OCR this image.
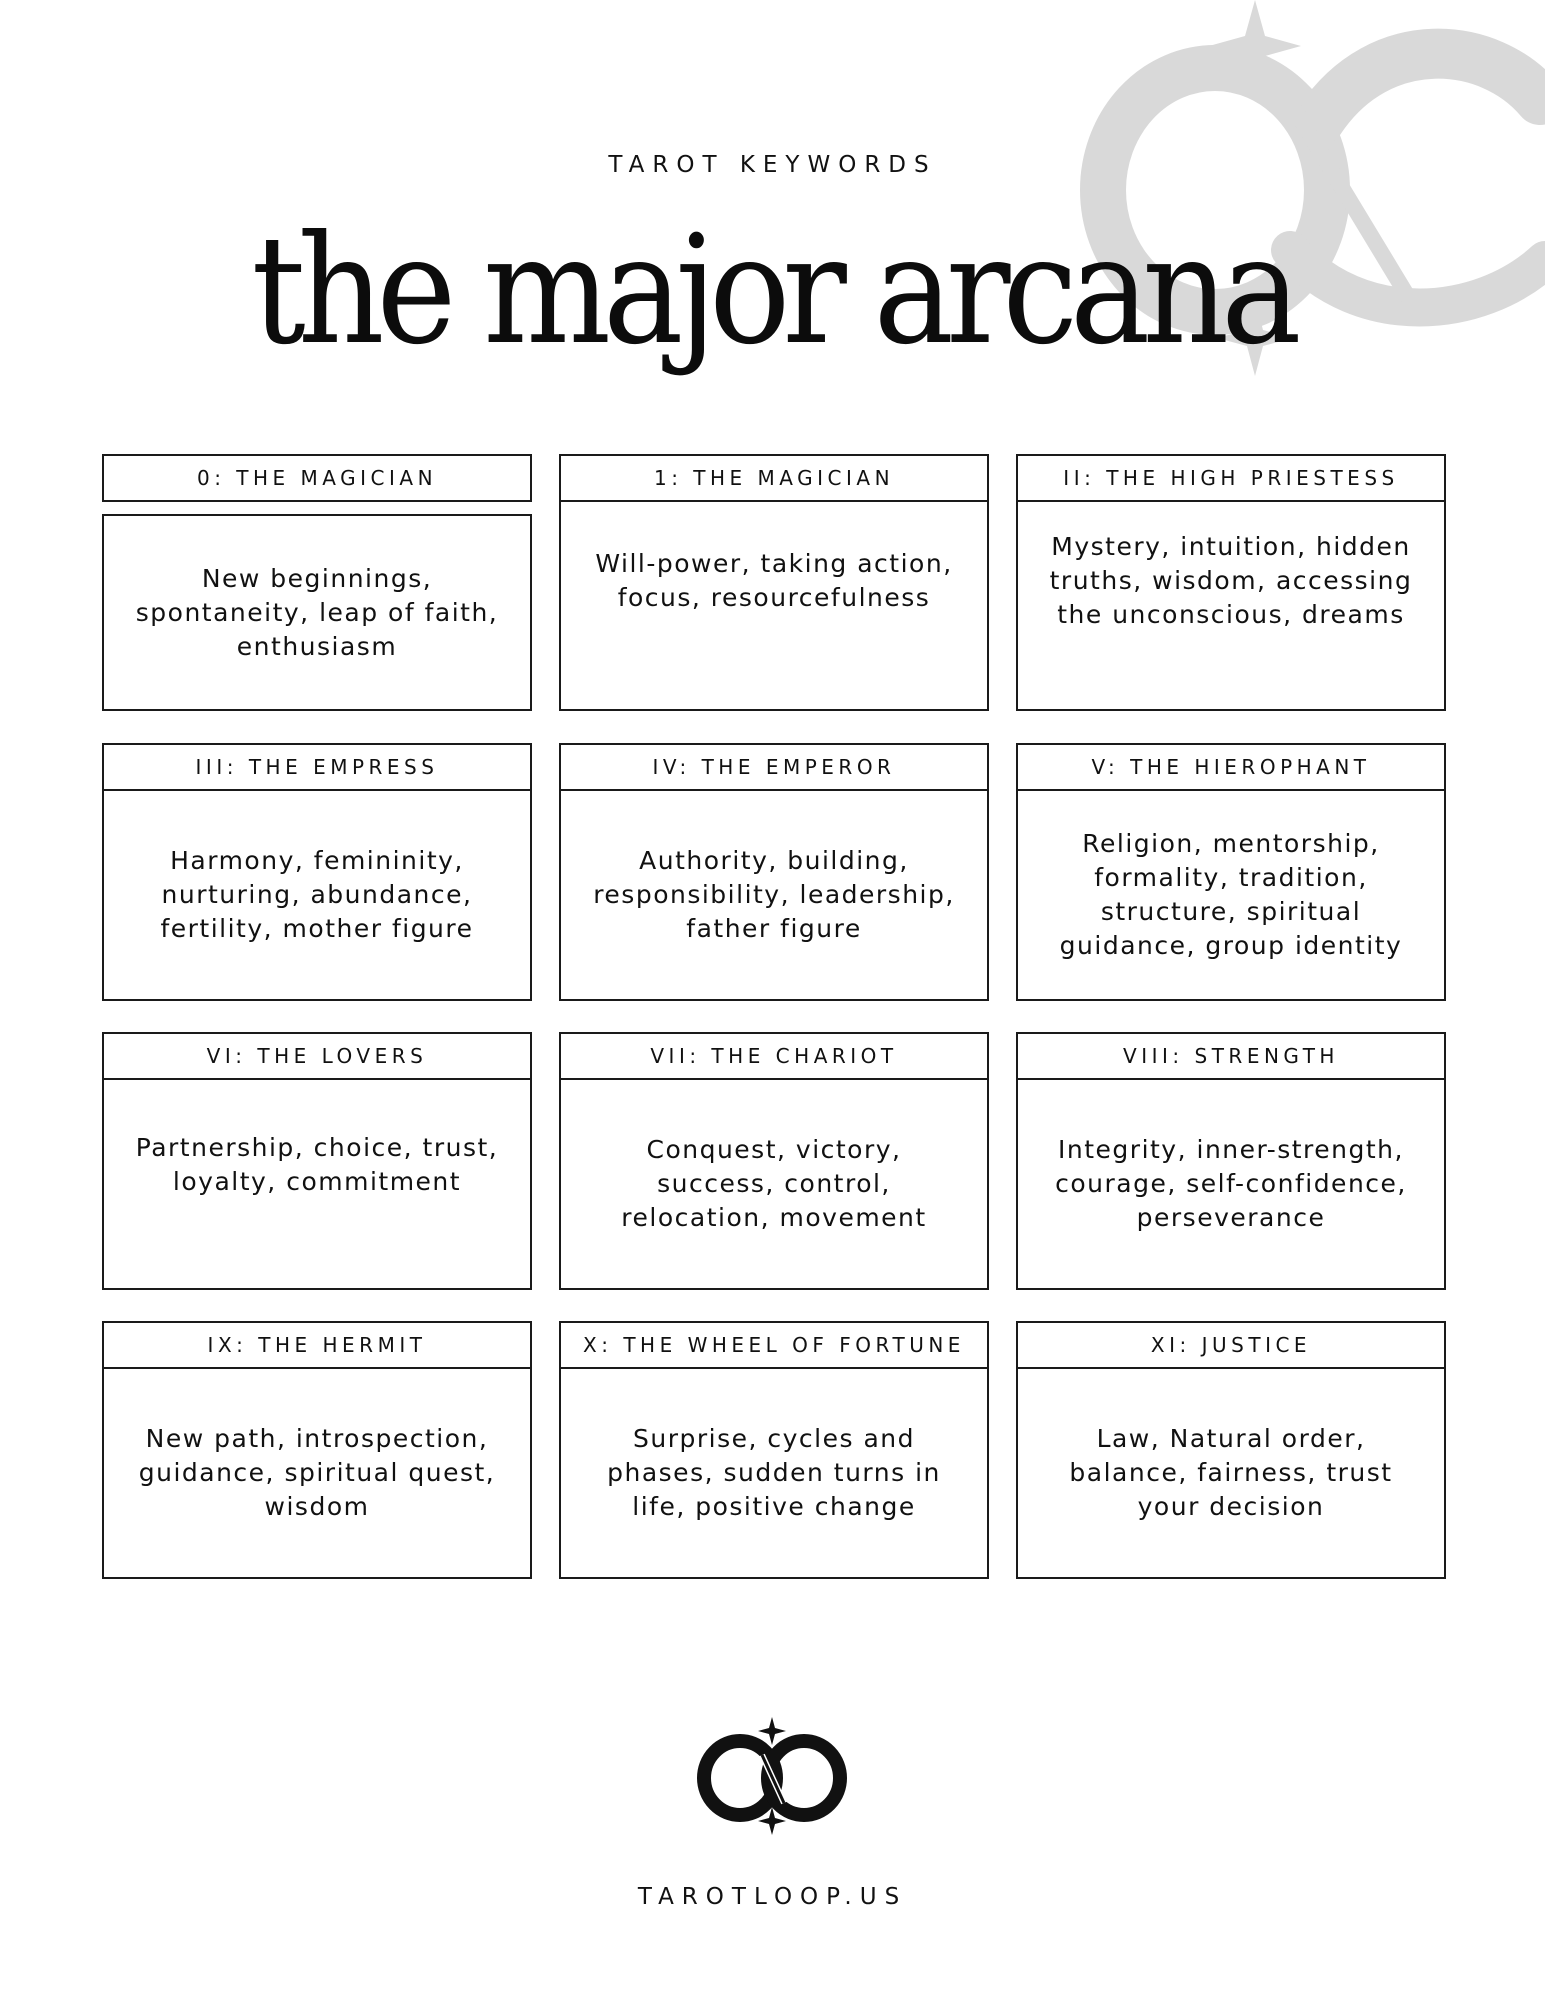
TAROT KEYWORDS
the major arcana
0: THE MAGICIAN
New beginnings, spontaneity, leap of faith, enthusiasm
1: THE MAGICIAN
Will-power, taking action, focus, resourcefulness
II: THE HIGH PRIESTESS
Mystery, intuition, hidden truths, wisdom, accessing the unconscious, dreams
III: THE EMPRESS
Harmony, femininity, nurturing, abundance, fertility, mother figure
IV: THE EMPEROR
Authority, building, responsibility, leadership, father figure
V: THE HIEROPHANT
Religion, mentorship, formality, tradition, structure, spiritual guidance, group identity
VI: THE LOVERS
Partnership, choice, trust, loyalty, commitment
VII: THE CHARIOT
Conquest, victory, success, control, relocation, movement
VIII: STRENGTH
Integrity, inner-strength, courage, self-confidence, perseverance
IX: THE HERMIT
New path, introspection, guidance, spiritual quest, wisdom
X: THE WHEEL OF FORTUNE
Surprise, cycles and phases, sudden turns in life, positive change
XI: JUSTICE
Law, Natural order, balance, fairness, trust your decision
TAROTLOOP.US
